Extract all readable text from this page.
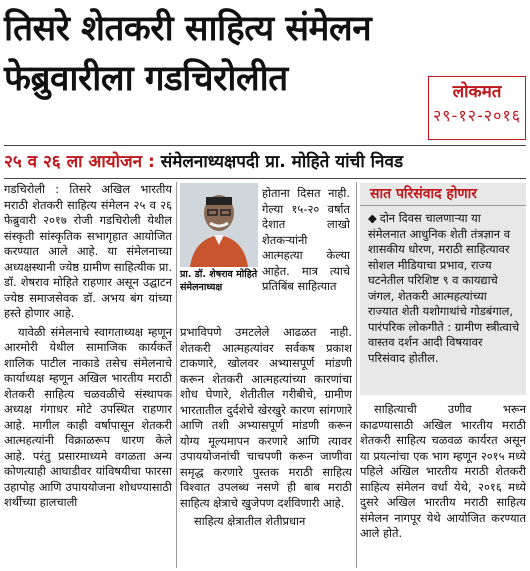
तिसरे शेतकरी साहित्य संमेलन
फेब्रुवारीला गडचिरोलीत	लोकमत
२९-१२-२०१६
२५ व २६ ला आयोजन : संमेलनाध्यक्षपदी प्रा. मोहिते यांची निवड

गडचिरोली : तिसरे अखिल भारतीय मराठी शेतकरी साहित्य संमेलन २५ व २६ फेब्रुवारी २०१७ रोजी गडचिरोली येथील संस्कृती सांस्कृतिक सभागृहात आयोजित करण्यात आले आहे. या संमेलनाच्या अध्यक्षस्थानी ज्येष्ठ ग्रामीण साहित्यीक प्रा. डॉ. शेषराव मोहिते राहणार असून उद्घाटन ज्येष्ठ समाजसेवक डॉ. अभय बंग यांच्या हस्ते होणार आहे.

यावेळी संमेलनाचे स्वागताध्यक्ष म्हणून आरमोरी येथील सामाजिक कार्यकर्ते शालिक पाटील नाकाडे तसेच संमेलनाचे कार्याध्यक्ष म्हणून अखिल भारतीय मराठी शेतकरी साहित्य चळवळीचे संस्थापक अध्यक्ष गंगाधर मोटे उपस्थित राहणार आहे. मागील काही वर्षापासून शेतकरी आत्महत्यांनी विक्राळरूप धारण केले आहे. परंतु प्रसारमाध्यमे वगळता अन्य कोणत्याही आघाडीवर यांविषयीचा फारसा उहापोह आणि उपाययोजना शोधण्यासाठी शर्थीच्या हालचाली

प्रा. डॉ. शेषराव मोहिते संमेलनाध्यक्ष
होताना दिसत नाही. गेल्या १५-२० वर्षात देशात लाखो शेतकऱ्यांनी आत्महत्या केल्या आहेत. मात्र त्याचे प्रतिबिंब साहित्यात

प्रभाविपणे उमटलेले आढळत नाही. शेतकरी आत्महत्यांवर सर्वकष प्रकाश टाकणारे, खोलवर अभ्यासपूर्ण मांडणी करून शेतकरी आत्महत्यांच्या कारणांचा शोध घेणारे, शेतीतील गरीबीचे, ग्रामीण भारतातील दुर्दशेचे खेरखुरे कारण सांगणारे आणि तशी अभ्यासपूर्ण मांडणी करून योग्य मूल्यमापन करणारे आणि त्यावर उपाययोजनांची चाचपणी करून जाणीवा समृद्ध करणारे पुस्तक मराठी साहित्य विश्वात उपलब्ध नसणे ही बाब मराठी साहित्य क्षेत्राचे खुजेपण दर्शविणारी आहे.

साहित्य क्षेत्रातील शेतीप्रधान

सात परिसंवाद होणार
◆ दोन दिवस चालणाऱ्या या संमेलनात आधुनिक शेती तंत्रज्ञान व शासकीय धोरण, मराठी साहित्यावर सोशल मीडियाचा प्रभाव, राज्य घटनेतील परिशिष्ट ९ व कायद्याचे जंगल, शेतकरी आत्महत्यांच्या राज्यात शेती यशोगाथांचे गोडबंगाल, पारंपरिक लोकगीते : ग्रामीण स्त्रीत्वाचे वास्तव दर्शन आदी विषयावर परिसंवाद होतील.

साहित्याची उणीव भरून काढण्यासाठी अखिल भारतीय मराठी शेतकरी साहित्य चळवळ कार्यरत असून या प्रयत्नांचा एक भाग म्हणून २०१५ मध्ये पहिले अखिल भारतीय मराठी शेतकरी साहित्य संमेलन वर्धा येथे, २०१६ मध्ये दुसरे अखिल भारतीय मराठी साहित्य संमेलन नागपूर येथे आयोजित करण्यात आले होते.
